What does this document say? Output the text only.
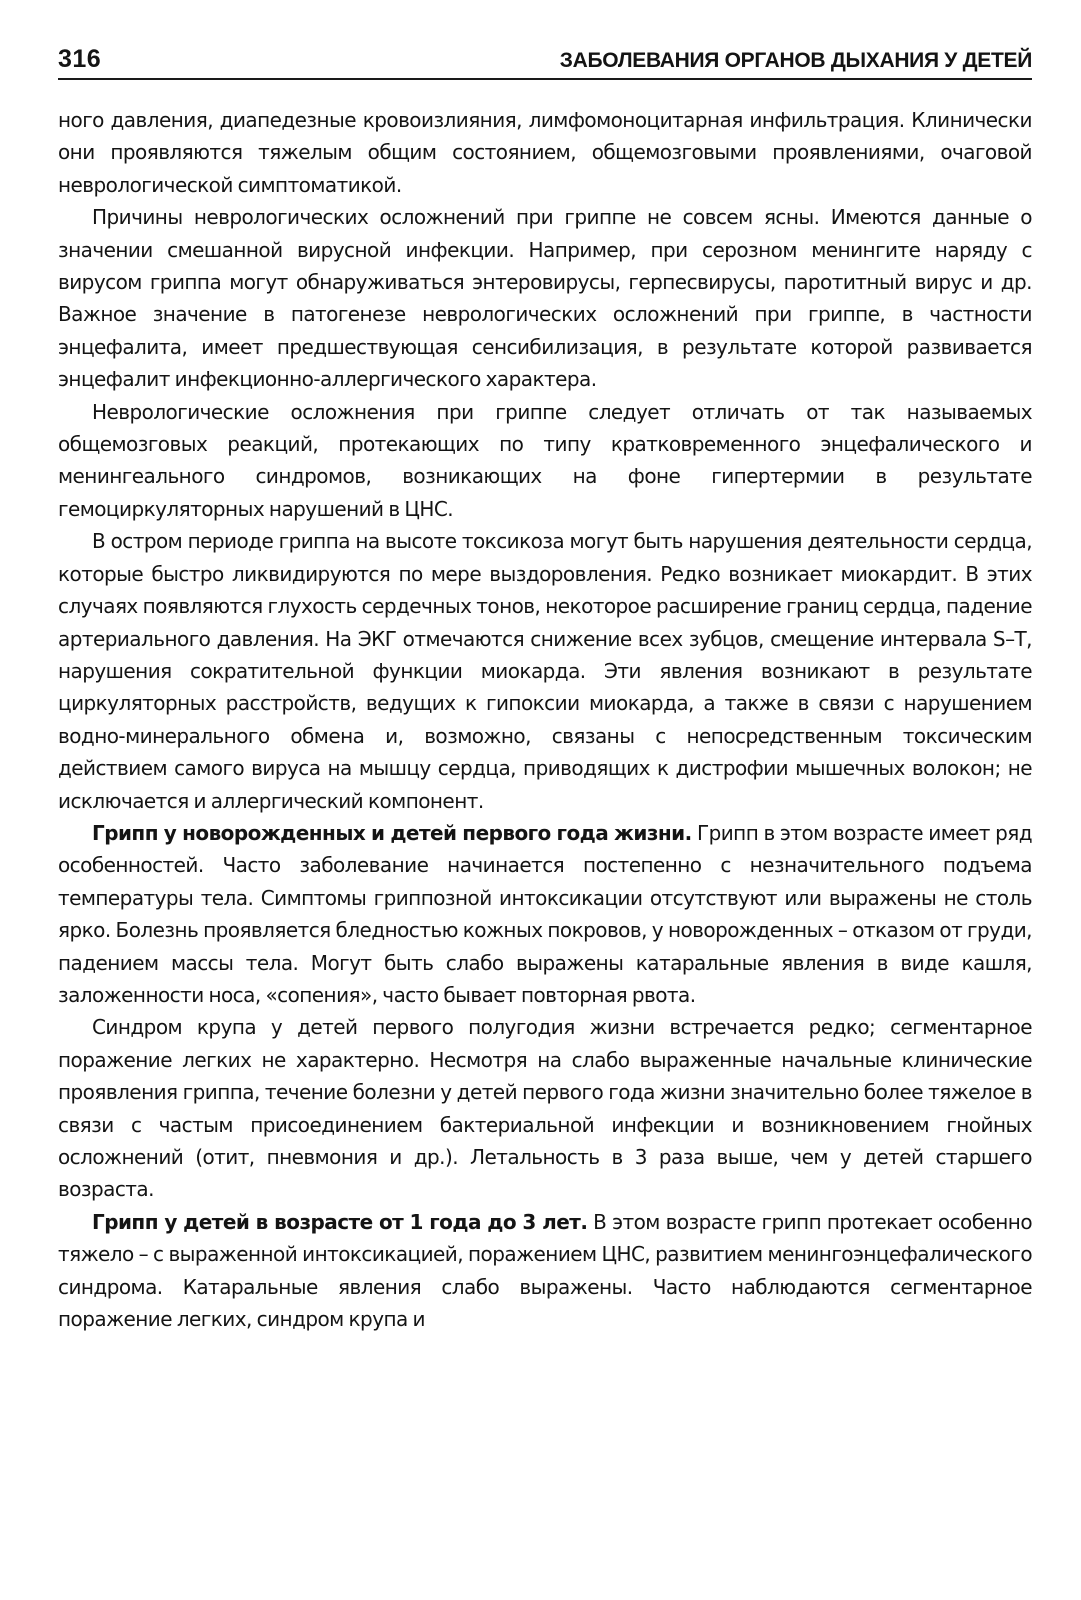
316	ЗАБОЛЕВАНИЯ ОРГАНОВ ДЫХАНИЯ У ДЕТЕЙ

ного давления, диапедезные кровоизлияния, лимфомоноцитарная инфильтрация. Клинически они проявляются тяжелым общим состоянием, общемозговыми проявлениями, очаговой неврологической симптоматикой.

Причины неврологических осложнений при гриппе не совсем ясны. Имеются данные о значении смешанной вирусной инфекции. Например, при серозном менингите наряду с вирусом гриппа могут обнаруживаться энтеровирусы, герпесвирусы, паротитный вирус и др. Важное значение в патогенезе неврологических осложнений при гриппе, в частности энцефалита, имеет предшествующая сенсибилизация, в результате которой развивается энцефалит инфекционно-аллергического характера.

Неврологические осложнения при гриппе следует отличать от так называемых общемозговых реакций, протекающих по типу кратковременного энцефалического и менингеального синдромов, возникающих на фоне гипертермии в результате гемоциркуляторных нарушений в ЦНС.

В остром периоде гриппа на высоте токсикоза могут быть нарушения деятельности сердца, которые быстро ликвидируются по мере выздоровления. Редко возникает миокардит. В этих случаях появляются глухость сердечных тонов, некоторое расширение границ сердца, падение артериального давления. На ЭКГ отмечаются снижение всех зубцов, смещение интервала S–T, нарушения сократительной функции миокарда. Эти явления возникают в результате циркуляторных расстройств, ведущих к гипоксии миокарда, а также в связи с нарушением водно-минерального обмена и, возможно, связаны с непосредственным токсическим действием самого вируса на мышцу сердца, приводящих к дистрофии мышечных волокон; не исключается и аллергический компонент.

Грипп у новорожденных и детей первого года жизни. Грипп в этом возрасте имеет ряд особенностей. Часто заболевание начинается постепенно с незначительного подъема температуры тела. Симптомы гриппозной интоксикации отсутствуют или выражены не столь ярко. Болезнь проявляется бледностью кожных покровов, у новорожденных – отказом от груди, падением массы тела. Могут быть слабо выражены катаральные явления в виде кашля, заложенности носа, «сопения», часто бывает повторная рвота.

Синдром крупа у детей первого полугодия жизни встречается редко; сегментарное поражение легких не характерно. Несмотря на слабо выраженные начальные клинические проявления гриппа, течение болезни у детей первого года жизни значительно более тяжелое в связи с частым присоединением бактериальной инфекции и возникновением гнойных осложнений (отит, пневмония и др.). Летальность в 3 раза выше, чем у детей старшего возраста.

Грипп у детей в возрасте от 1 года до 3 лет. В этом возрасте грипп протекает особенно тяжело – с выраженной интоксикацией, поражением ЦНС, развитием менингоэнцефалического синдрома. Катаральные явления слабо выражены. Часто наблюдаются сегментарное поражение легких, синдром крупа и
